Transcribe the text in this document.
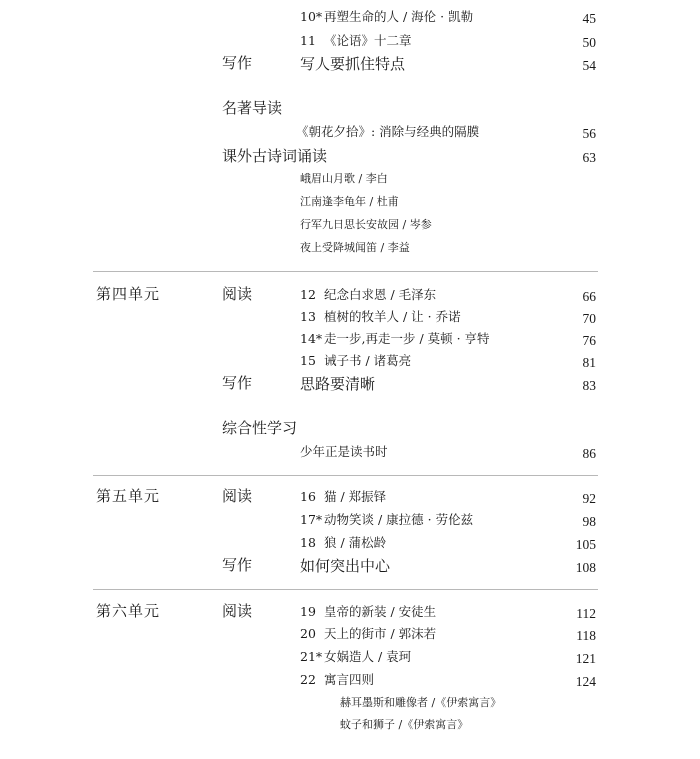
10* 再塑生命的人 / 海伦 · 凯勒	45
11 《论语》十二章	50
写作	写人要抓住特点	54
名著导读
《朝花夕拾》: 消除与经典的隔膜	56
课外古诗词诵读	63
峨眉山月歌 / 李白
江南逢李龟年 / 杜甫
行军九日思长安故园 / 岑参
夜上受降城闻笛 / 李益
第四单元	阅读	12 纪念白求恩 / 毛泽东	66
13 植树的牧羊人 / 让 · 乔诺	70
14* 走一步,再走一步 / 莫顿 · 亨特	76
15 诫子书 / 诸葛亮	81
写作	思路要清晰	83
综合性学习
少年正是读书时	86
第五单元	阅读	16 猫 / 郑振铎	92
17* 动物笑谈 / 康拉德 · 劳伦兹	98
18 狼 / 蒲松龄	105
写作	如何突出中心	108
第六单元	阅读	19 皇帝的新装 / 安徒生	112
20 天上的街市 / 郭沫若	118
21* 女娲造人 / 袁珂	121
22 寓言四则	124
赫耳墨斯和雕像者 /《伊索寓言》
蚊子和狮子 /《伊索寓言》
